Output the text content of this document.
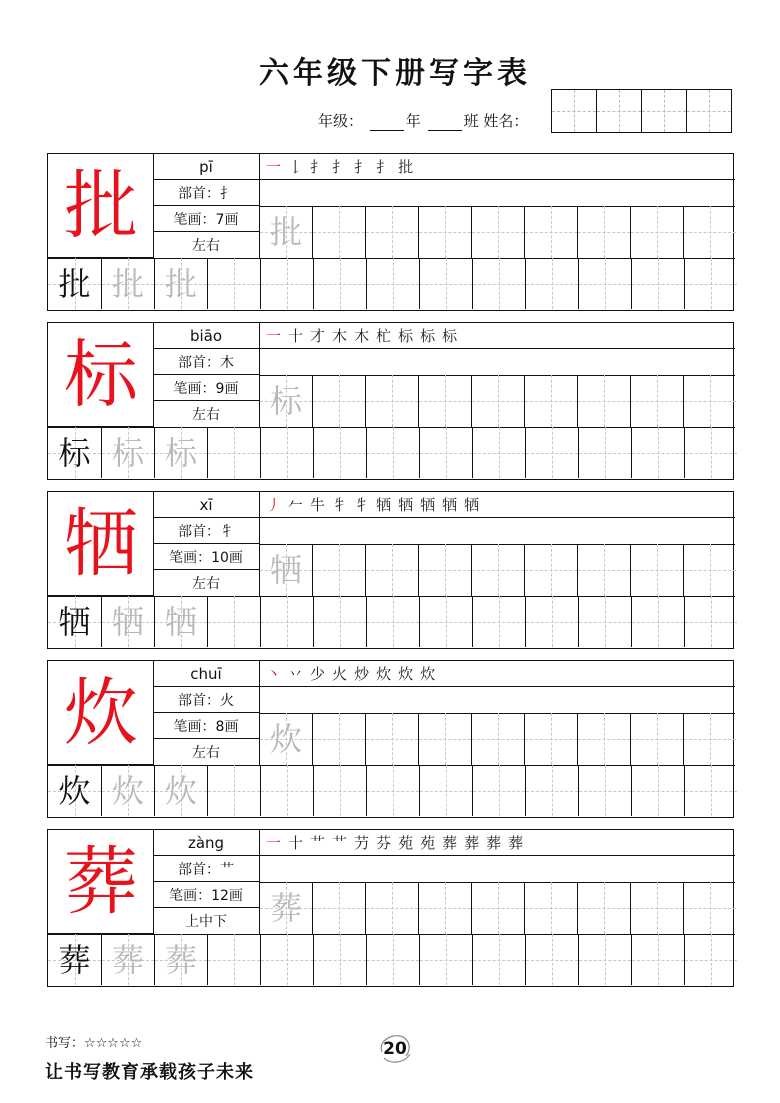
六年级下册写字表
年级：	年	班 姓名：
批	pī
部首：扌
笔画：7画
左右
一 𠄌 扌 扌 扌 扌 批
批
批 批 批
标	biāo
部首：木
笔画：9画
左右
一 十 才 木 木 杧 标 标 标
标
标 标 标
牺	xī
部首：牜
笔画：10画
左右
丿 𠂉 牛 牜 牜 牺 牺 牺 牺 牺
牺
牺 牺 牺
炊	chuī
部首：火
笔画：8画
左右
丶 丷 少 火 炒 炊 炊 炊
炊
炊 炊 炊
葬	zàng
部首：艹
笔画：12画
上中下
一 十 艹 艹 芀 芬 苑 苑 葬 葬 葬 葬
葬
葬 葬 葬
书写：☆☆☆☆☆	20
让书写教育承载孩子未来
